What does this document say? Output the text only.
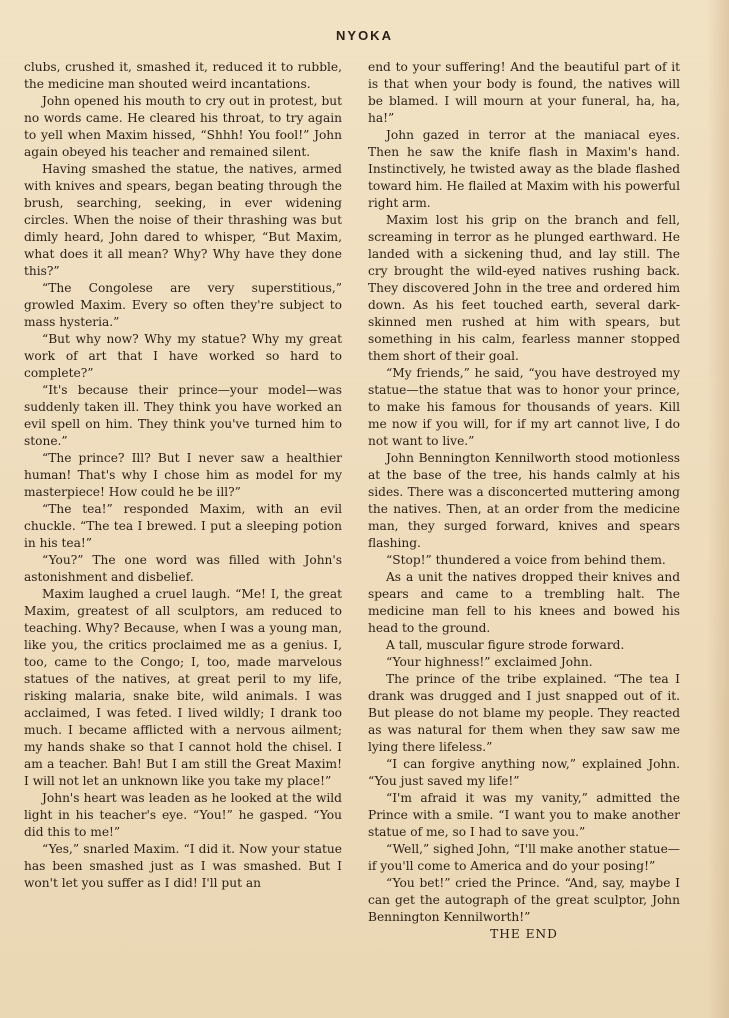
NYOKA

clubs, crushed it, smashed it, reduced it to rubble, the medicine man shouted weird incantations.

John opened his mouth to cry out in protest, but no words came. He cleared his throat, to try again to yell when Maxim hissed, “Shhh! You fool!” John again obeyed his teacher and remained silent.

Having smashed the statue, the natives, armed with knives and spears, began beating through the brush, searching, seeking, in ever widening circles. When the noise of their thrashing was but dimly heard, John dared to whisper, “But Maxim, what does it all mean? Why? Why have they done this?”

“The Congolese are very superstitious,” growled Maxim. Every so often they're subject to mass hysteria.”

“But why now? Why my statue? Why my great work of art that I have worked so hard to complete?”

“It's because their prince—your model—was suddenly taken ill. They think you have worked an evil spell on him. They think you've turned him to stone.”

“The prince? Ill? But I never saw a healthier human! That's why I chose him as model for my masterpiece! How could he be ill?”

“The tea!” responded Maxim, with an evil chuckle. “The tea I brewed. I put a sleeping potion in his tea!”

“You?” The one word was filled with John's astonishment and disbelief.

Maxim laughed a cruel laugh. “Me! I, the great Maxim, greatest of all sculptors, am reduced to teaching. Why? Because, when I was a young man, like you, the critics proclaimed me as a genius. I, too, came to the Congo; I, too, made marvelous statues of the natives, at great peril to my life, risking malaria, snake bite, wild animals. I was acclaimed, I was feted. I lived wildly; I drank too much. I became afflicted with a nervous ailment; my hands shake so that I cannot hold the chisel. I am a teacher. Bah! But I am still the Great Maxim! I will not let an unknown like you take my place!”

John's heart was leaden as he looked at the wild light in his teacher's eye. “You!” he gasped. “You did this to me!”

“Yes,” snarled Maxim. “I did it. Now your statue has been smashed just as I was smashed. But I won't let you suffer as I did! I'll put an

end to your suffering! And the beautiful part of it is that when your body is found, the natives will be blamed. I will mourn at your funeral, ha, ha, ha!”

John gazed in terror at the maniacal eyes. Then he saw the knife flash in Maxim's hand. Instinctively, he twisted away as the blade flashed toward him. He flailed at Maxim with his powerful right arm.

Maxim lost his grip on the branch and fell, screaming in terror as he plunged earthward. He landed with a sickening thud, and lay still. The cry brought the wild-eyed natives rushing back. They discovered John in the tree and ordered him down. As his feet touched earth, several dark-skinned men rushed at him with spears, but something in his calm, fearless manner stopped them short of their goal.

“My friends,” he said, “you have destroyed my statue—the statue that was to honor your prince, to make his famous for thousands of years. Kill me now if you will, for if my art cannot live, I do not want to live.”

John Bennington Kennilworth stood motionless at the base of the tree, his hands calmly at his sides. There was a disconcerted muttering among the natives. Then, at an order from the medicine man, they surged forward, knives and spears flashing.

“Stop!” thundered a voice from behind them.

As a unit the natives dropped their knives and spears and came to a trembling halt. The medicine man fell to his knees and bowed his head to the ground.

A tall, muscular figure strode forward.

“Your highness!” exclaimed John.

The prince of the tribe explained. “The tea I drank was drugged and I just snapped out of it. But please do not blame my people. They reacted as was natural for them when they saw saw me lying there lifeless.”

“I can forgive anything now,” explained John. “You just saved my life!”

“I'm afraid it was my vanity,” admitted the Prince with a smile. “I want you to make another statue of me, so I had to save you.”

“Well,” sighed John, “I'll make another statue—if you'll come to America and do your posing!”

“You bet!” cried the Prince. “And, say, maybe I can get the autograph of the great sculptor, John Bennington Kennilworth!”

THE END
